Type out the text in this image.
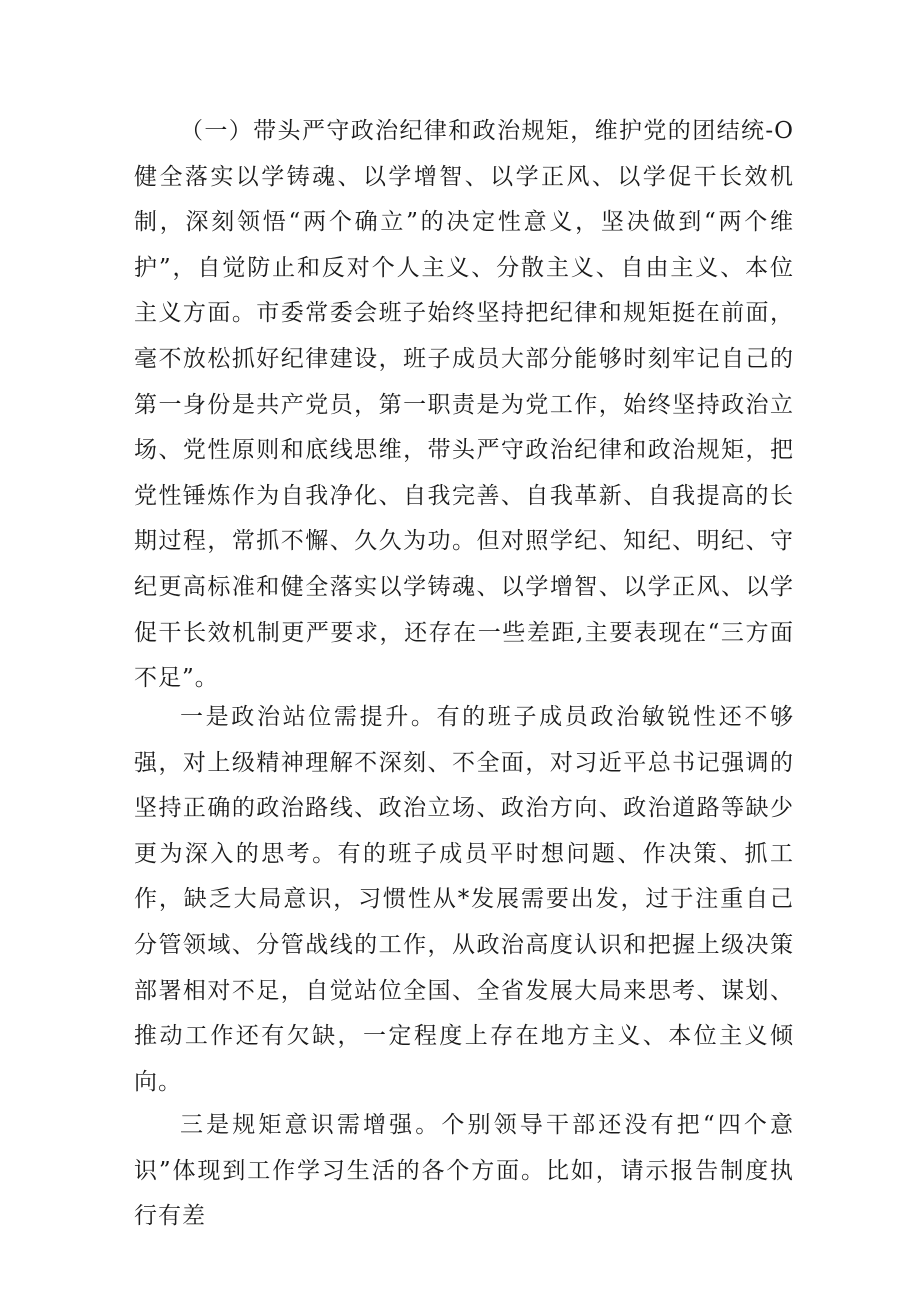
（一）带头严守政治纪律和政治规矩，维护党的团结统-O健全落实以学铸魂、以学增智、以学正风、以学促干长效机制，深刻领悟“两个确立”的决定性意义，坚决做到“两个维护”，自觉防止和反对个人主义、分散主义、自由主义、本位主义方面。市委常委会班子始终坚持把纪律和规矩挺在前面，毫不放松抓好纪律建设，班子成员大部分能够时刻牢记自己的第一身份是共产党员，第一职责是为党工作，始终坚持政治立场、党性原则和底线思维，带头严守政治纪律和政治规矩，把党性锤炼作为自我净化、自我完善、自我革新、自我提高的长期过程，常抓不懈、久久为功。但对照学纪、知纪、明纪、守纪更高标准和健全落实以学铸魂、以学增智、以学正风、以学促干长效机制更严要求，还存在一些差距,主要表现在“三方面不足”。

一是政治站位需提升。有的班子成员政治敏锐性还不够强，对上级精神理解不深刻、不全面，对习近平总书记强调的坚持正确的政治路线、政治立场、政治方向、政治道路等缺少更为深入的思考。有的班子成员平时想问题、作决策、抓工作，缺乏大局意识，习惯性从*发展需要出发，过于注重自己分管领域、分管战线的工作，从政治高度认识和把握上级决策部署相对不足，自觉站位全国、全省发展大局来思考、谋划、推动工作还有欠缺，一定程度上存在地方主义、本位主义倾向。

三是规矩意识需增强。个别领导干部还没有把“四个意识”体现到工作学习生活的各个方面。比如，请示报告制度执行有差
